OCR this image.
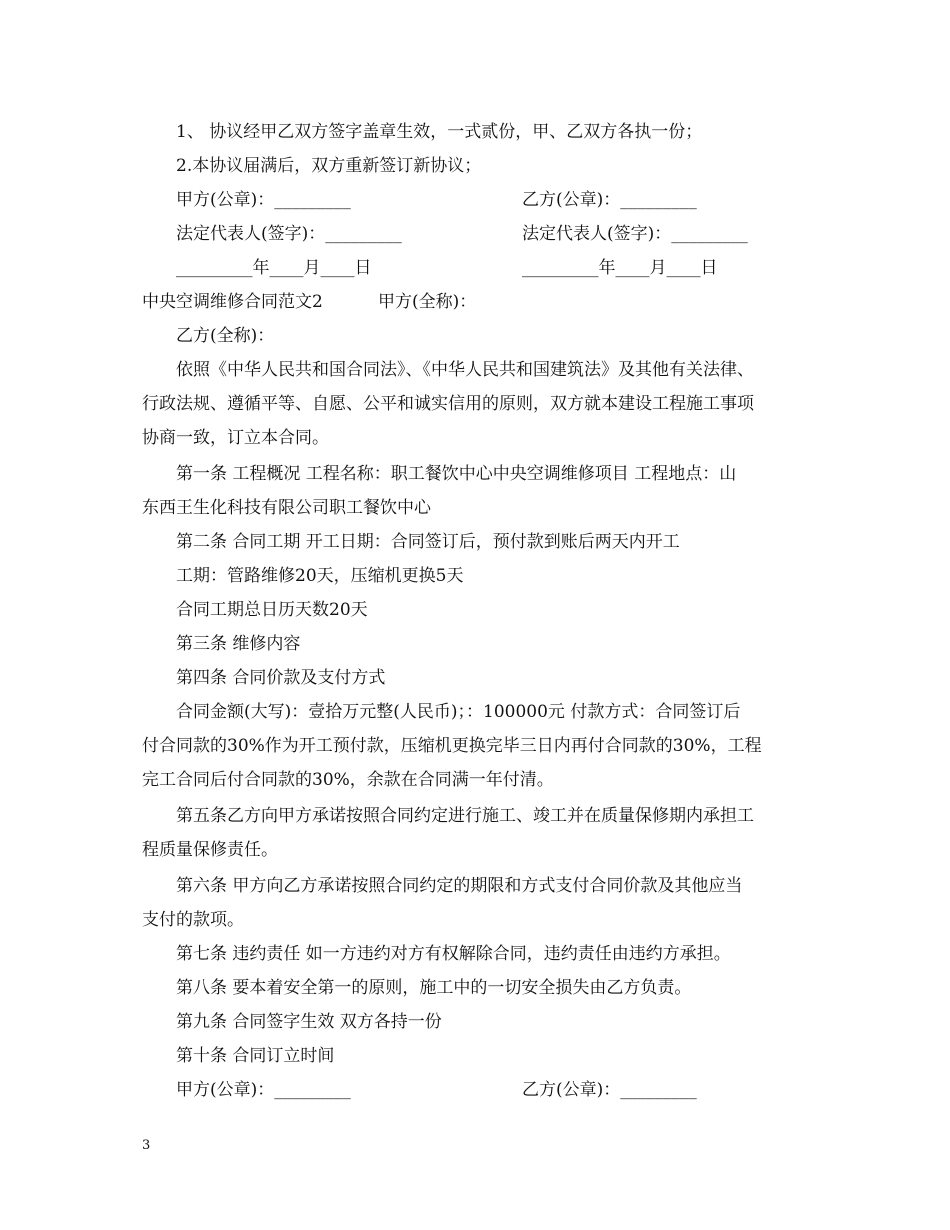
1、 协议经甲乙双方签字盖章生效，一式贰份，甲、乙双方各执一份；
2.本协议届满后，双方重新签订新协议；
甲方(公章)：_________	乙方(公章)：_________
法定代表人(签字)：_________	法定代表人(签字)：_________
_________年____月____日	_________年____月____日
中央空调维修合同范文2	甲方(全称)：
乙方(全称)：
依照《中华人民共和国合同法》、《中华人民共和国建筑法》及其他有关法律、
行政法规、遵循平等、自愿、公平和诚实信用的原则，双方就本建设工程施工事项
协商一致，订立本合同。
第一条 工程概况 工程名称：职工餐饮中心中央空调维修项目 工程地点：山
东西王生化科技有限公司职工餐饮中心
第二条 合同工期 开工日期：合同签订后，预付款到账后两天内开工
工期：管路维修20天，压缩机更换5天
合同工期总日历天数20天
第三条 维修内容
第四条 合同价款及支付方式
合同金额(大写)：壹拾万元整(人民币)；：100000元 付款方式：合同签订后
付合同款的30%作为开工预付款，压缩机更换完毕三日内再付合同款的30%，工程
完工合同后付合同款的30%，余款在合同满一年付清。
第五条乙方向甲方承诺按照合同约定进行施工、竣工并在质量保修期内承担工
程质量保修责任。
第六条 甲方向乙方承诺按照合同约定的期限和方式支付合同价款及其他应当
支付的款项。
第七条 违约责任 如一方违约对方有权解除合同，违约责任由违约方承担。
第八条 要本着安全第一的原则，施工中的一切安全损失由乙方负责。
第九条 合同签字生效 双方各持一份
第十条 合同订立时间
甲方(公章)：_________	乙方(公章)：_________
3
